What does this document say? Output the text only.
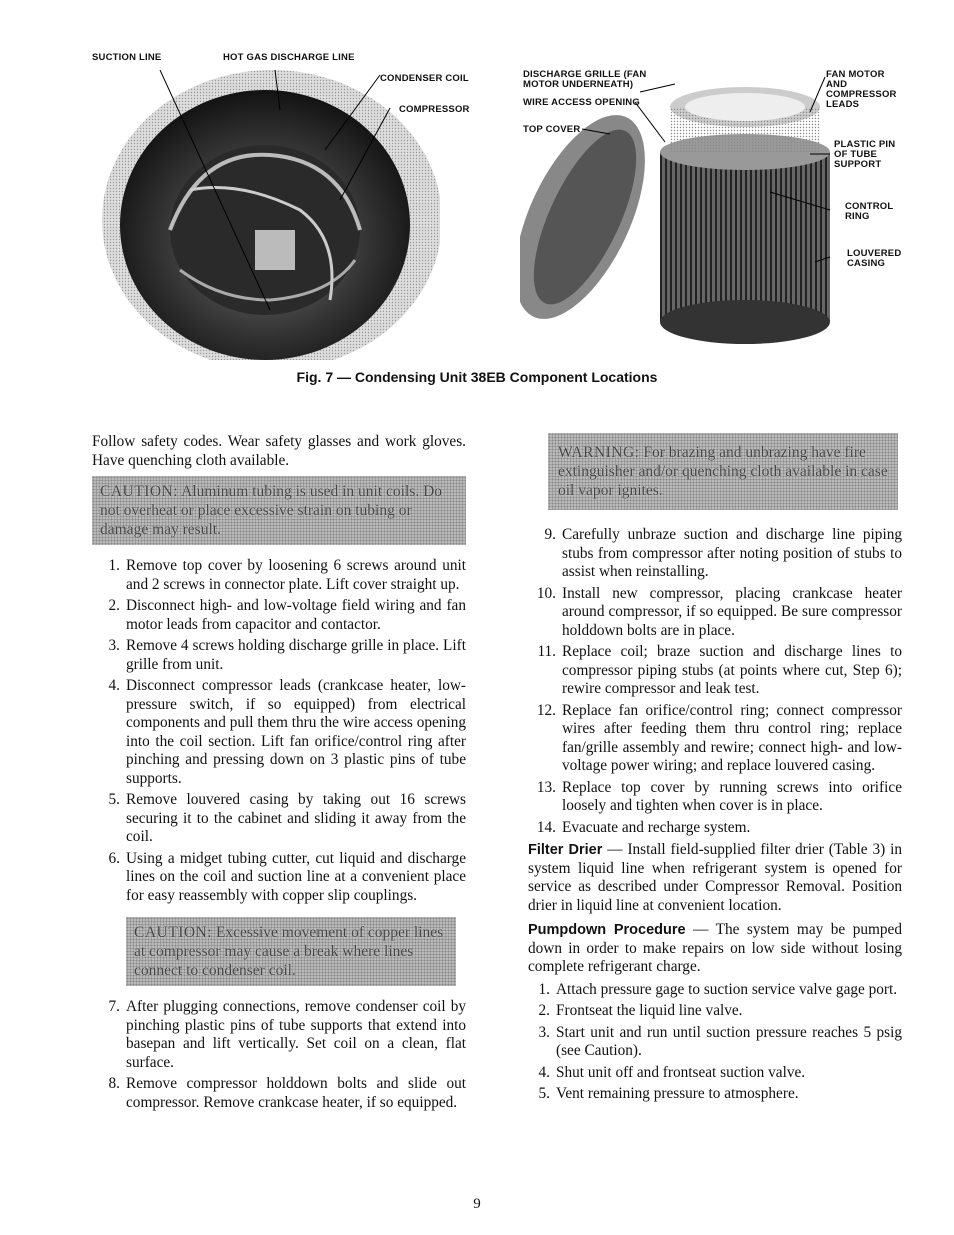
SUCTION LINE	HOT GAS DISCHARGE LINE
CONDENSER COIL
COMPRESSOR
DISCHARGE GRILLE (FAN
MOTOR UNDERNEATH)
WIRE ACCESS OPENING
TOP COVER
FAN MOTOR
AND
COMPRESSOR
LEADS
PLASTIC PIN
OF TUBE
SUPPORT
CONTROL
RING
LOUVERED
CASING
Fig. 7 — Condensing Unit 38EB Component Locations

Follow safety codes. Wear safety glasses and work gloves. Have quenching cloth available.

CAUTION: Aluminum tubing is used in unit coils. Do not overheat or place excessive strain on tubing or damage may result.
1. Remove top cover by loosening 6 screws around unit and 2 screws in connector plate. Lift cover straight up.
2. Disconnect high- and low-voltage field wiring and fan motor leads from capacitor and contactor.
3. Remove 4 screws holding discharge grille in place. Lift grille from unit.
4. Disconnect compressor leads (crankcase heater, low-pressure switch, if so equipped) from electrical components and pull them thru the wire access opening into the coil section. Lift fan orifice/control ring after pinching and pressing down on 3 plastic pins of tube supports.
5. Remove louvered casing by taking out 16 screws securing it to the cabinet and sliding it away from the coil.
6. Using a midget tubing cutter, cut liquid and discharge lines on the coil and suction line at a convenient place for easy reassembly with copper slip couplings.
CAUTION: Excessive movement of copper lines at compressor may cause a break where lines connect to condenser coil.
7. After plugging connections, remove condenser coil by pinching plastic pins of tube supports that extend into basepan and lift vertically. Set coil on a clean, flat surface.
8. Remove compressor holddown bolts and slide out compressor. Remove crankcase heater, if so equipped.
WARNING: For brazing and unbrazing have fire extinguisher and/or quenching cloth available in case oil vapor ignites.
9. Carefully unbraze suction and discharge line piping stubs from compressor after noting position of stubs to assist when reinstalling.
10. Install new compressor, placing crankcase heater around compressor, if so equipped. Be sure compressor holddown bolts are in place.
11. Replace coil; braze suction and discharge lines to compressor piping stubs (at points where cut, Step 6); rewire compressor and leak test.
12. Replace fan orifice/control ring; connect compressor wires after feeding them thru control ring; replace fan/grille assembly and rewire; connect high- and low-voltage power wiring; and replace louvered casing.
13. Replace top cover by running screws into orifice loosely and tighten when cover is in place.
14. Evacuate and recharge system.

Filter Drier — Install field-supplied filter drier (Table 3) in system liquid line when refrigerant system is opened for service as described under Compressor Removal. Position drier in liquid line at convenient location.

Pumpdown Procedure — The system may be pumped down in order to make repairs on low side without losing complete refrigerant charge.

1. Attach pressure gage to suction service valve gage port.
2. Frontseat the liquid line valve.
3. Start unit and run until suction pressure reaches 5 psig (see Caution).
4. Shut unit off and frontseat suction valve.
5. Vent remaining pressure to atmosphere.
9
